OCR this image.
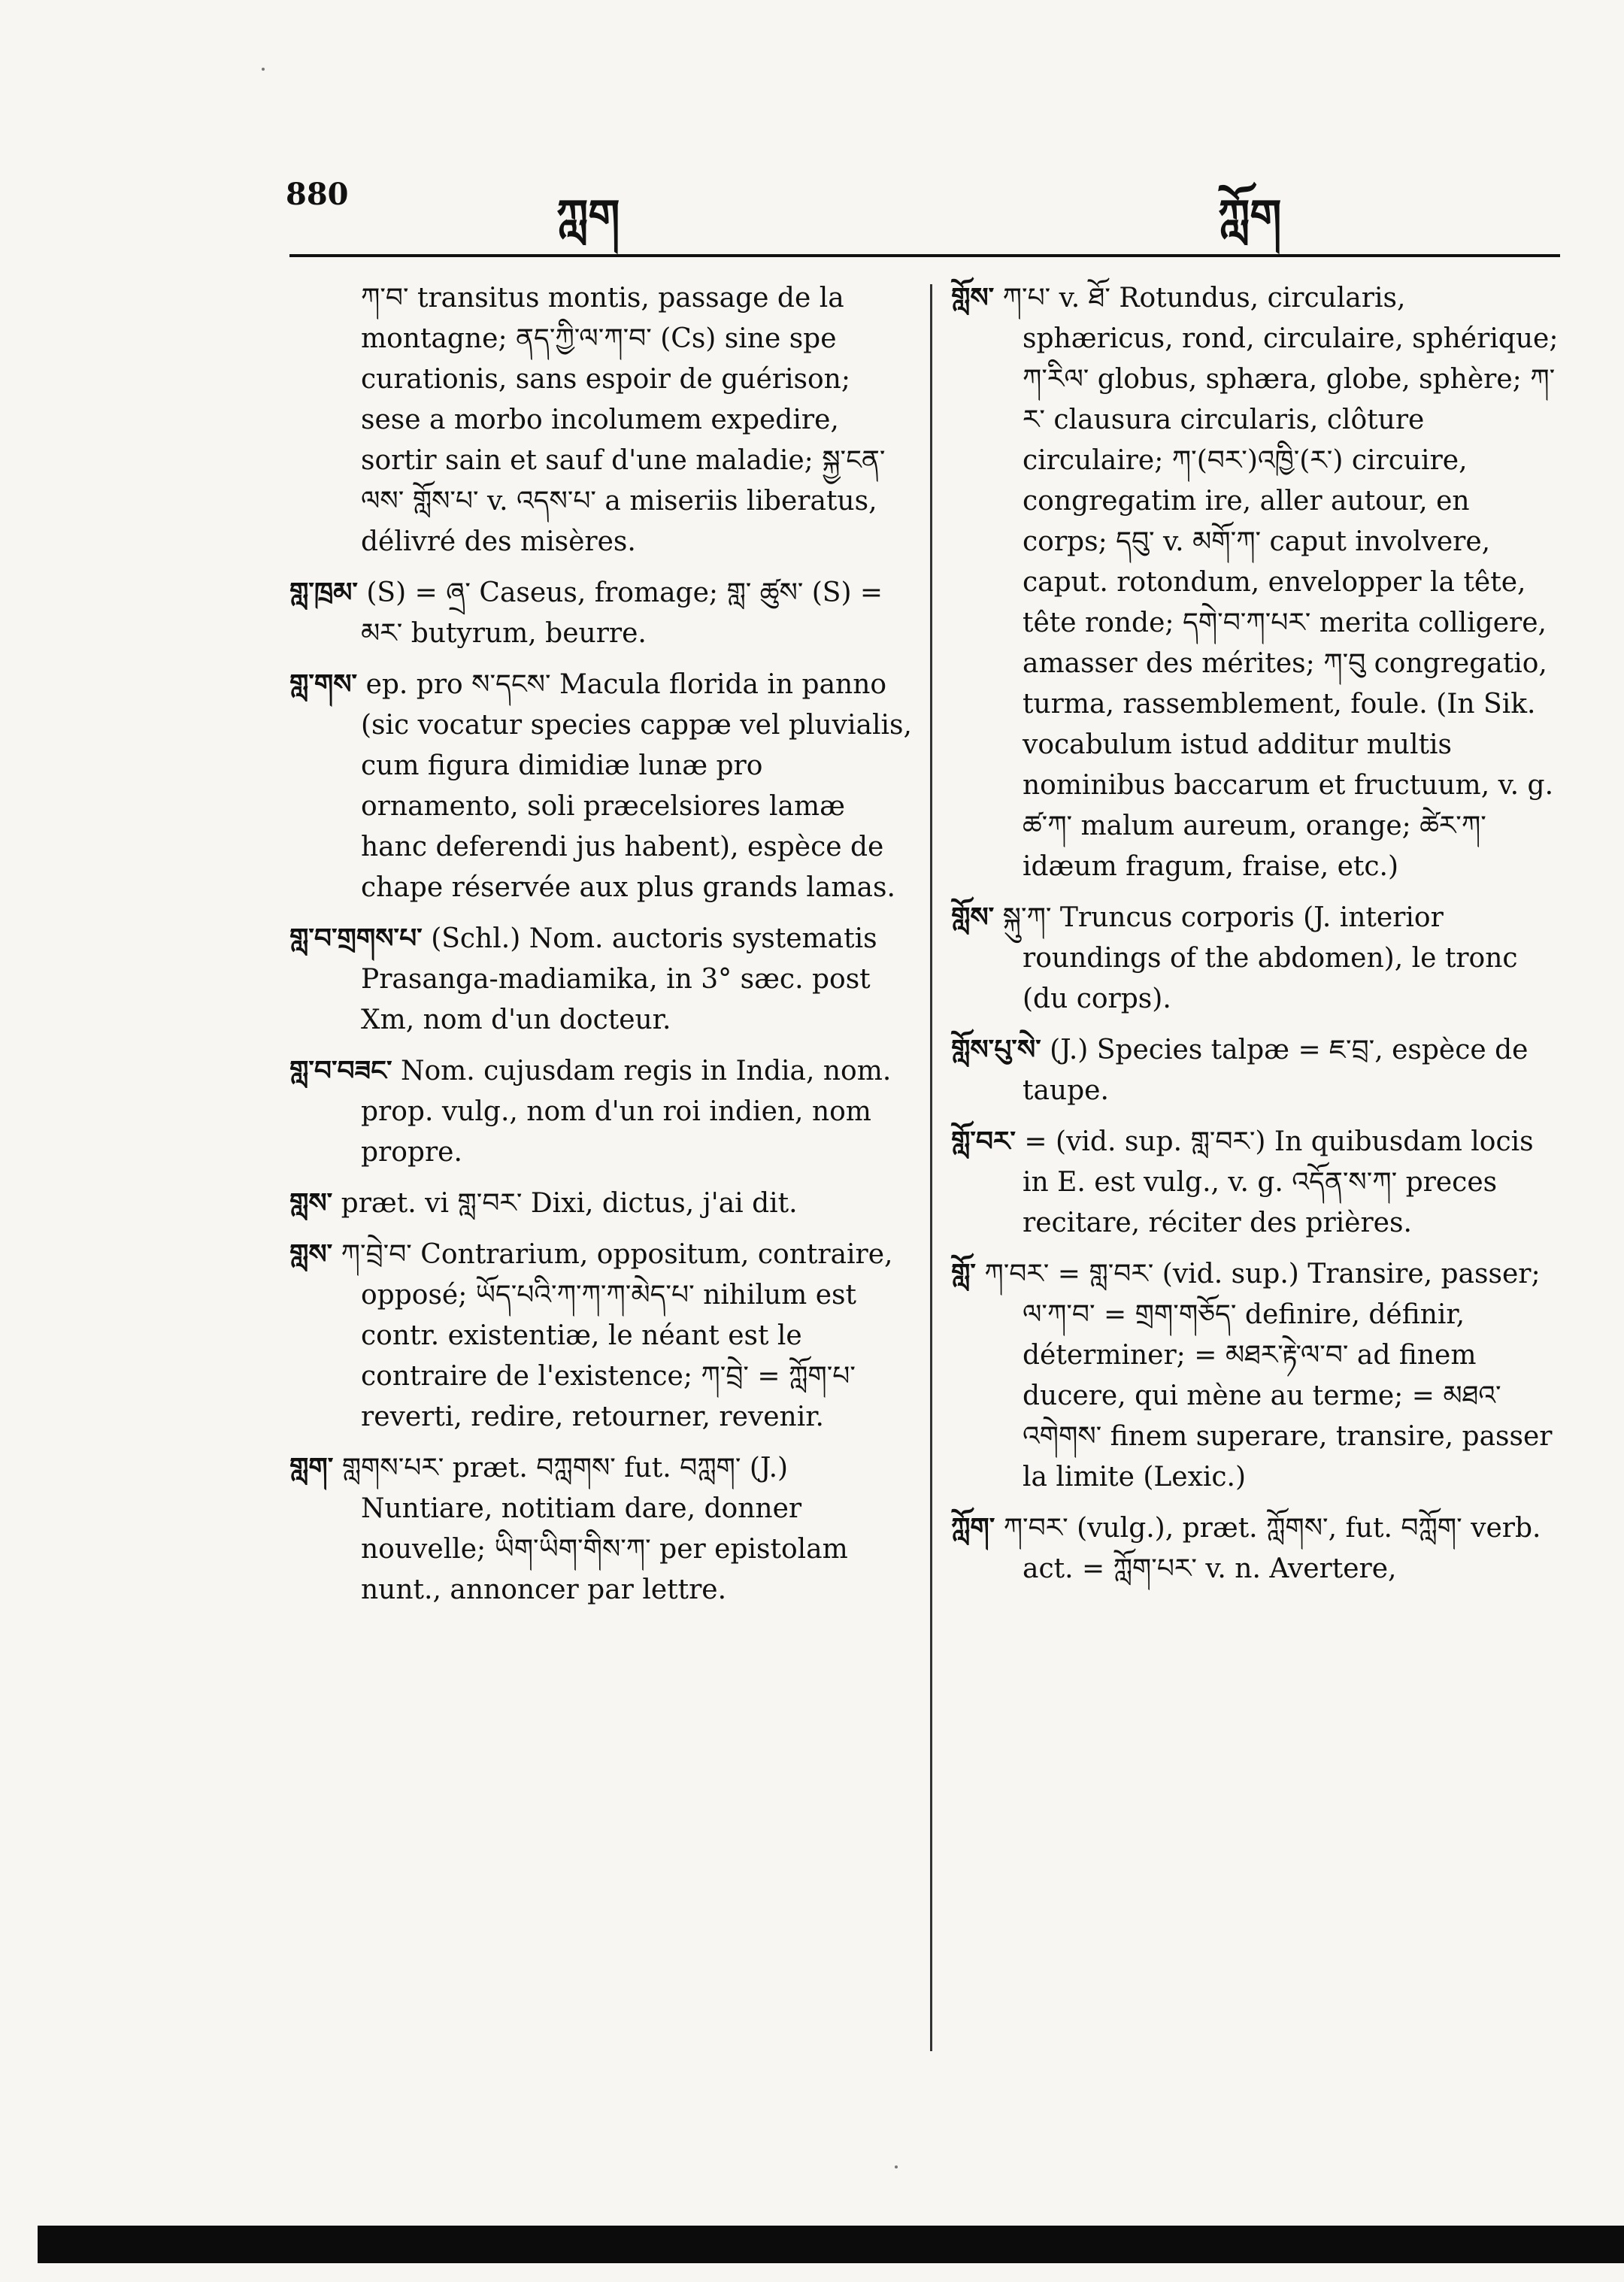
880	ཀླག	ཀློག
ཀ་བ་ transitus montis, passage de la montagne; ནད་ཀྱི་ལ་ཀ་བ་ (Cs) sine spe curationis, sans espoir de guérison; sese a morbo incolumem expedire, sortir sain et sauf d'une maladie; སྐྱ་ངན་ལས་ གློས་པ་ v. འདས་པ་ a miseriis liberatus, délivré des misères.
གླ་ཁྲམ་ (S) = ཞྲ་ Caseus, fromage; གླ་ ཚུས་ (S) = མར་ butyrum, beurre.
གླ་གས་ ep. pro ས་དངས་ Macula florida in panno (sic vocatur species cappæ vel pluvialis, cum figura dimidiæ lunæ pro ornamento, soli præcelsiores lamæ hanc deferendi jus habent), espèce de chape réservée aux plus grands lamas.
གླ་བ་གྲགས་པ་ (Schl.) Nom. auctoris systematis Prasanga-madiamika, in 3° sæc. post Xm, nom d'un docteur.
གླ་བ་བཟང་ Nom. cujusdam regis in India, nom. prop. vulg., nom d'un roi indien, nom propre.
གླས་ præt. vi གླ་བར་ Dixi, dictus, j'ai dit.
གླས་ ཀ་བྲེ་བ་ Contrarium, oppositum, contraire, opposé; ཡོད་པའི་ཀ་ཀ་ཀ་མེད་པ་ nihilum est contr. existentiæ, le néant est le contraire de l'existence; ཀ་བྲེ་ = ཀློག་པ་ reverti, redire, retourner, revenir.
གླག་ གླགས་པར་ præt. བཀླགས་ fut. བཀླག་ (J.) Nuntiare, notitiam dare, donner nouvelle; ཡིག་ཡིག་གིས་ཀ་ per epistolam nunt., annoncer par lettre.
གློས་ ཀ་པ་ v. ཐོ་ Rotundus, circularis, sphæricus, rond, circulaire, sphérique; ཀ་རིལ་ globus, sphæra, globe, sphère; ཀ་ར་ clausura circularis, clôture circulaire; ཀ་(བར་)འཁྱི་(ར་) circuire, congregatim ire, aller autour, en corps; དབུ་ v. མགོ་ཀ་ caput involvere, caput. rotondum, envelopper la tête, tête ronde; དགེ་བ་ཀ་པར་ merita colligere, amasser des mérites; ཀ་བུ congregatio, turma, rassemblement, foule. (In Sik. vocabulum istud additur multis nominibus baccarum et fructuum, v. g. ཚ་ཀ་ malum aureum, orange; ཚེར་ཀ་ idæum fragum, fraise, etc.)
གློས་ སྐུ་ཀ་ Truncus corporis (J. interior roundings of the abdomen), le tronc (du corps).
གློས་པུ་སེ་ (J.) Species talpæ = ཇ་བྲ་, espèce de taupe.
གློ་བར་ = (vid. sup. གླ་བར་) In quibusdam locis in E. est vulg., v. g. འདོན་ས་ཀ་ preces recitare, réciter des prières.
གློ་ ཀ་བར་ = གླ་བར་ (vid. sup.) Transire, passer; ལ་ཀ་བ་ = གྲག་གཅོད་ definire, définir, déterminer; = མཐར་རྟེ་ལ་བ་ ad finem ducere, qui mène au terme; = མཐའ་འགེགས་ finem superare, transire, passer la limite (Lexic.)
ཀློག་ ཀ་བར་ (vulg.), præt. ཀློགས་, fut. བཀློག་ verb. act. = ཀློག་པར་ v. n. Avertere,
